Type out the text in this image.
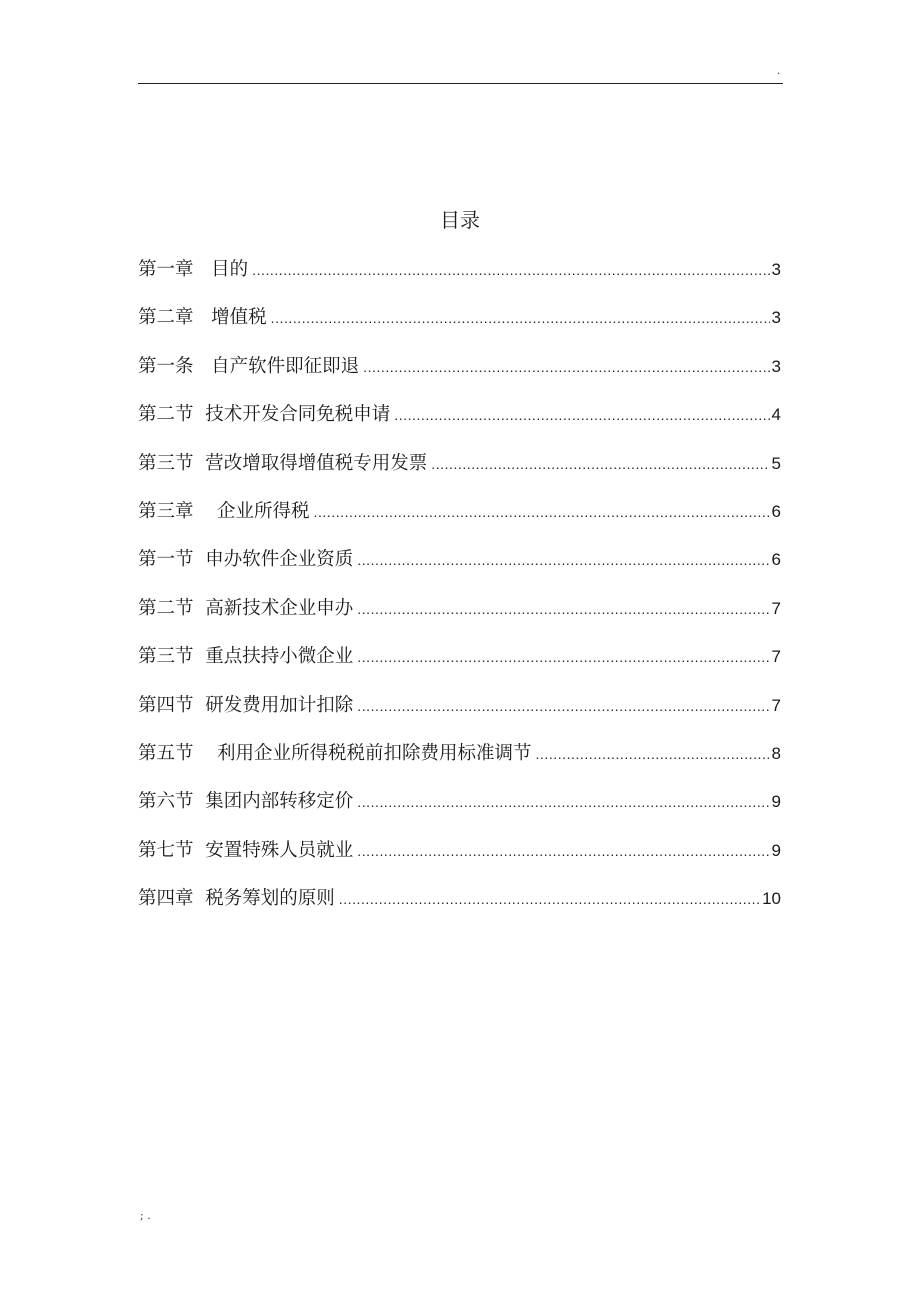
.
目录
第一章   目的 .....	3
第二章   增值税 .....	3
第一条   自产软件即征即退 .....	3
第二节  技术开发合同免税申请 .....	4
第三节  营改增取得增值税专用发票 .....	5
第三章    企业所得税 .....	6
第一节  申办软件企业资质 .....	6
第二节  高新技术企业申办 .....	7
第三节  重点扶持小微企业 .....	7
第四节  研发费用加计扣除 .....	7
第五节    利用企业所得税税前扣除费用标准调节 .....	8
第六节  集团内部转移定价 .....	9
第七节  安置特殊人员就业 .....	9
第四章  税务筹划的原则 .....	10
; .
